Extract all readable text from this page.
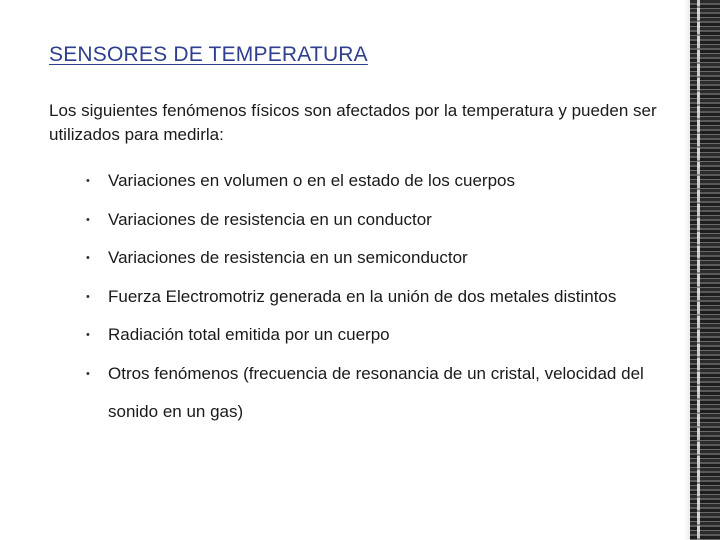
SENSORES DE TEMPERATURA
Los siguientes fenómenos físicos son afectados por la temperatura y pueden ser utilizados para medirla:
• Variaciones en volumen o en el estado de los cuerpos
• Variaciones de resistencia en un conductor
• Variaciones de resistencia en un semiconductor
• Fuerza Electromotriz generada en la unión de dos metales distintos
• Radiación total emitida por un cuerpo
• Otros fenómenos (frecuencia de resonancia de un cristal, velocidad del sonido en un gas)
